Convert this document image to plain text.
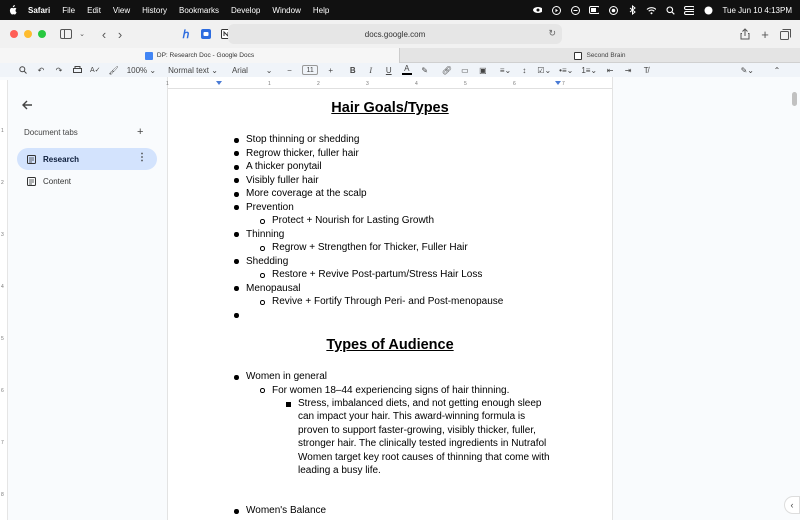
Safari File Edit View History Bookmarks Develop Window Help	Tue Jun 10 4:13PM
⌄	‹ ›	ℎ	docs.google.com	↻	+
DP: Research Doc - Google Docs	Second Brain
↶ ↷	A✓ 🖌︎ 100% ⌄ Normal text ⌄ Arial ⌄	−	11	+	B	I	U A ✎ 🔗︎ ▭ ▣ ≡⌄	↕	☑⌄ •≡⌄ 1≡⌄ ⇤ ⇥	T̸	✎⌄ ⌃
1
2
3
4
5
6
7
8
Document tabs	+
Research	⋮
Content
1	1	2	3	4	5	6	7
Hair Goals/Types
Stop thinning or shedding
Regrow thicker, fuller hair
A thicker ponytail
Visibly fuller hair
More coverage at the scalp
Prevention
Protect + Nourish for Lasting Growth
Thinning
Regrow + Strengthen for Thicker, Fuller Hair
Shedding
Restore + Revive Post-partum/Stress Hair Loss
Menopausal
Revive + Fortify Through Peri- and Post-menopause
Types of Audience
Women in general
For women 18–44 experiencing signs of hair thinning.
Stress, imbalanced diets, and not getting enough sleep
can impact your hair. This award-winning formula is
proven to support faster-growing, visibly thicker, fuller,
stronger hair. The clinically tested ingredients in Nutrafol
Women target key root causes of thinning that come with
leading a busy life.
Women's Balance	‹
